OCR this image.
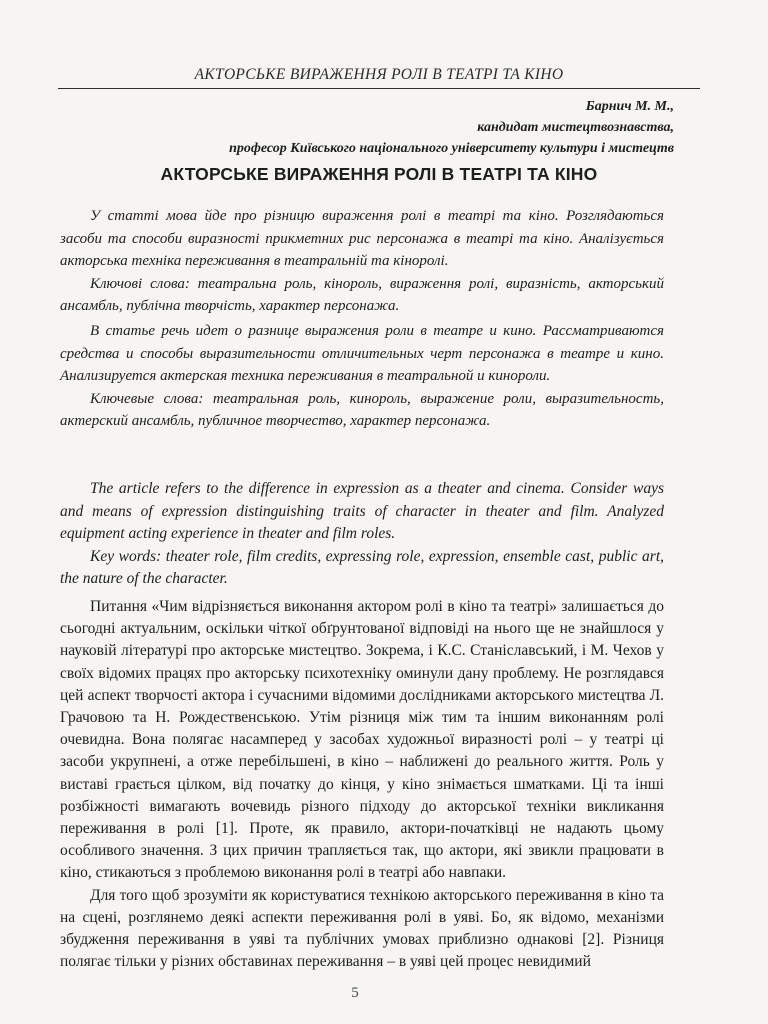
АКТОРСЬКЕ ВИРАЖЕННЯ РОЛІ В ТЕАТРІ ТА КІНО
Барнич М. М.,
кандидат мистецтвознавства,
професор Київського національного університету культури і мистецтв
АКТОРСЬКЕ ВИРАЖЕННЯ РОЛІ В ТЕАТРІ ТА КІНО

У статті мова йде про різницю вираження ролі в театрі та кіно. Розглядаються засоби та способи виразності прикметних рис персонажа в театрі та кіно. Аналізується акторська техніка переживання в театральній та кіноролі.

Ключові слова: театральна роль, кінороль, вираження ролі, виразність, акторський ансамбль, публічна творчість, характер персонажа.

В статье речь идет о разнице выражения роли в театре и кино. Рассматриваются средства и способы выразительности отличительных черт персонажа в театре и кино. Анализируется актерская техника переживания в театральной и кинороли.

Ключевые слова: театральная роль, кинороль, выражение роли, выразительность, актерский ансамбль, публичное творчество, характер персонажа.

The article refers to the difference in expression as a theater and cinema. Consider ways and means of expression distinguishing traits of character in theater and film. Analyzed equipment acting experience in theater and film roles.

Key words: theater role, film credits, expressing role, expression, ensemble cast, public art, the nature of the character.

Питання «Чим відрізняється виконання актором ролі в кіно та театрі» залишається до сьогодні актуальним, оскільки чіткої обґрунтованої відповіді на нього ще не знайшлося у науковій літературі про акторське мистецтво. Зокрема, і К.С. Станіславський, і М. Чехов у своїх відомих працях про акторську психотехніку оминули дану проблему. Не розглядався цей аспект творчості актора і сучасними відомими дослідниками акторського мистецтва Л. Грачовою та Н. Рождественською. Утім різниця між тим та іншим виконанням ролі очевидна. Вона полягає насамперед у засобах художньої виразності ролі – у театрі ці засоби укрупнені, а отже перебільшені, в кіно – наближені до реального життя. Роль у виставі грається цілком, від початку до кінця, у кіно знімається шматками. Ці та інші розбіжності вимагають вочевидь різного підходу до акторської техніки викликання переживання в ролі [1]. Проте, як правило, актори-початківці не надають цьому особливого значення. З цих причин трапляється так, що актори, які звикли працювати в кіно, стикаються з проблемою виконання ролі в театрі або навпаки.

Для того щоб зрозуміти як користуватися технікою акторського переживання в кіно та на сцені, розглянемо деякі аспекти переживання ролі в уяві. Бо, як відомо, механізми збудження переживання в уяві та публічних умовах приблизно однакові [2]. Різниця полягає тільки у різних обставинах переживання – в уяві цей процес невидимий

5
